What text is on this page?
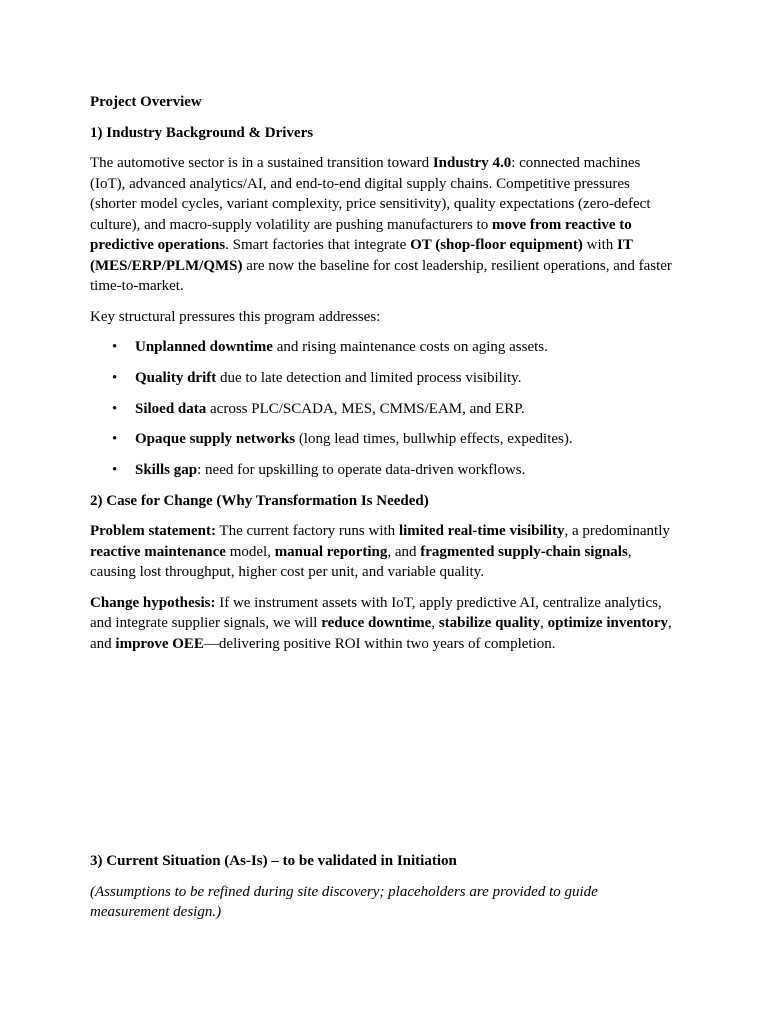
Project Overview

1) Industry Background & Drivers

The automotive sector is in a sustained transition toward Industry 4.0: connected machines (IoT), advanced analytics/AI, and end-to-end digital supply chains. Competitive pressures (shorter model cycles, variant complexity, price sensitivity), quality expectations (zero-defect culture), and macro-supply volatility are pushing manufacturers to move from reactive to predictive operations. Smart factories that integrate OT (shop-floor equipment) with IT (MES/ERP/PLM/QMS) are now the baseline for cost leadership, resilient operations, and faster time-to-market.

Key structural pressures this program addresses:

• Unplanned downtime and rising maintenance costs on aging assets.
• Quality drift due to late detection and limited process visibility.
• Siloed data across PLC/SCADA, MES, CMMS/EAM, and ERP.
• Opaque supply networks (long lead times, bullwhip effects, expedites).
• Skills gap: need for upskilling to operate data-driven workflows.

2) Case for Change (Why Transformation Is Needed)

Problem statement: The current factory runs with limited real-time visibility, a predominantly reactive maintenance model, manual reporting, and fragmented supply-chain signals, causing lost throughput, higher cost per unit, and variable quality.

Change hypothesis: If we instrument assets with IoT, apply predictive AI, centralize analytics, and integrate supplier signals, we will reduce downtime, stabilize quality, optimize inventory, and improve OEE—delivering positive ROI within two years of completion.

3) Current Situation (As-Is) – to be validated in Initiation

(Assumptions to be refined during site discovery; placeholders are provided to guide measurement design.)
